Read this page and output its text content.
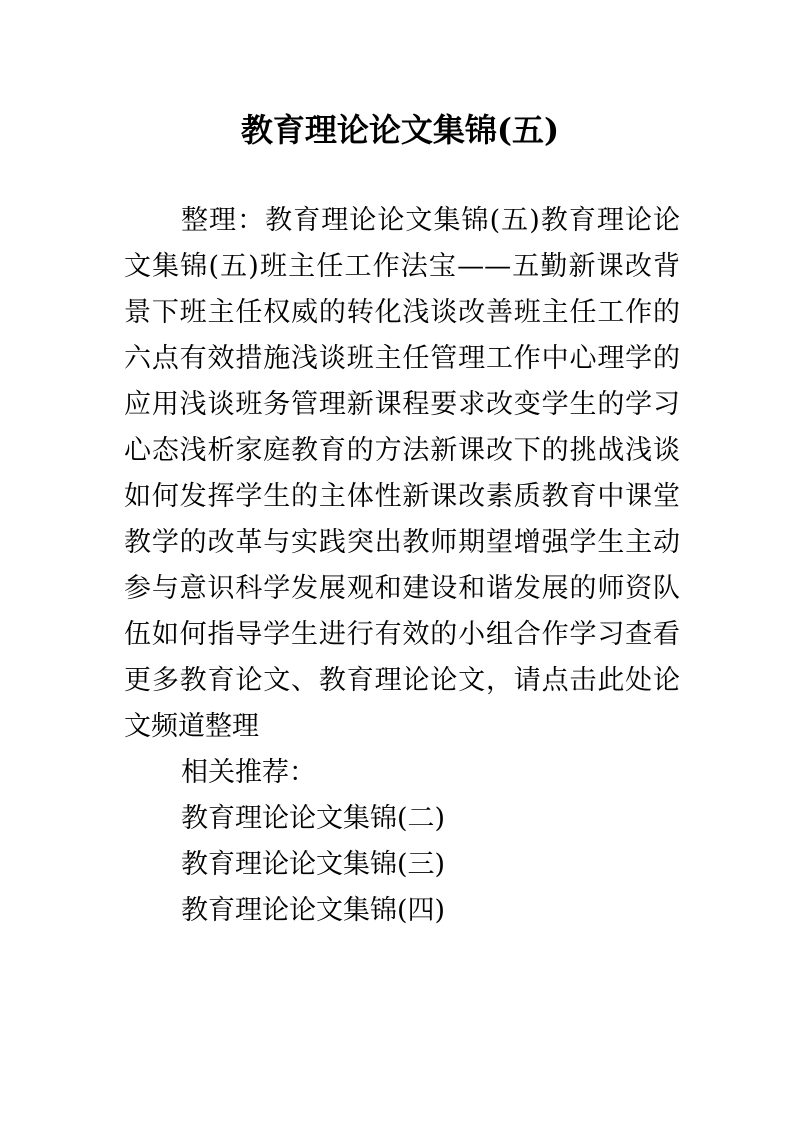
教育理论论文集锦(五)

整理：教育理论论文集锦(五)教育理论论文集锦(五)班主任工作法宝——五勤新课改背景下班主任权威的转化浅谈改善班主任工作的六点有效措施浅谈班主任管理工作中心理学的应用浅谈班务管理新课程要求改变学生的学习心态浅析家庭教育的方法新课改下的挑战浅谈如何发挥学生的主体性新课改素质教育中课堂教学的改革与实践突出教师期望增强学生主动参与意识科学发展观和建设和谐发展的师资队伍如何指导学生进行有效的小组合作学习查看更多教育论文、教育理论论文，请点击此处论文频道整理

相关推荐：

教育理论论文集锦(二)
教育理论论文集锦(三)
教育理论论文集锦(四)
